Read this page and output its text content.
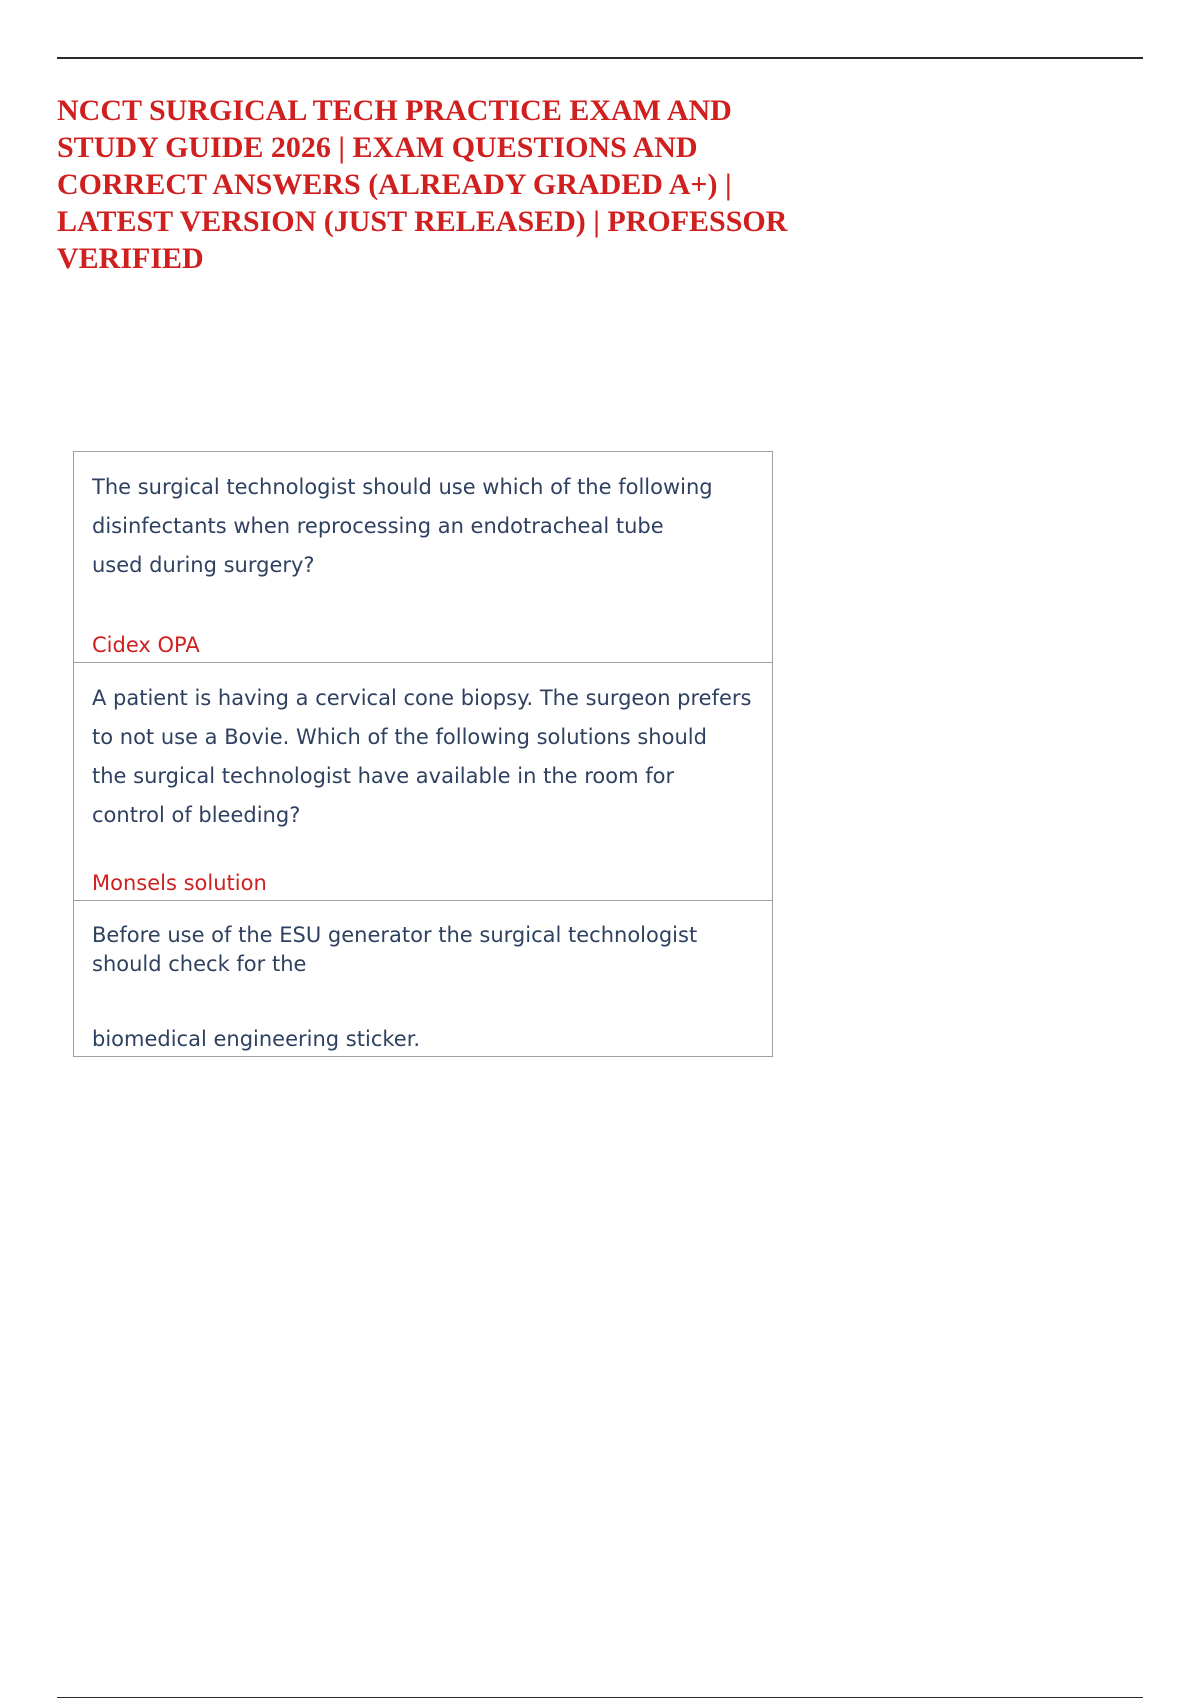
NCCT SURGICAL TECH PRACTICE EXAM AND STUDY GUIDE 2026 | EXAM QUESTIONS AND CORRECT ANSWERS (ALREADY GRADED A+) | LATEST VERSION (JUST RELEASED) | PROFESSOR VERIFIED

The surgical technologist should use which of the following
disinfectants when reprocessing an endotracheal tube
used during surgery?

Cidex OPA

A patient is having a cervical cone biopsy. The surgeon prefers
to not use a Bovie. Which of the following solutions should
the surgical technologist have available in the room for
control of bleeding?

Monsels solution

Before use of the ESU generator the surgical technologist
should check for the

biomedical engineering sticker.
